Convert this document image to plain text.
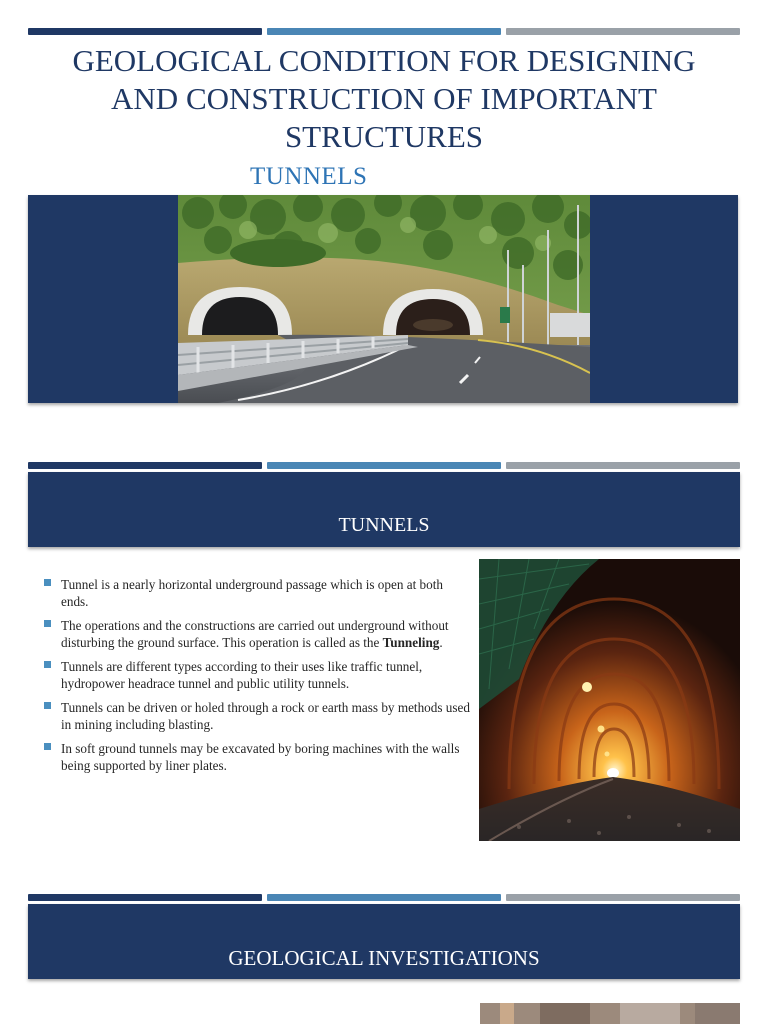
GEOLOGICAL CONDITION FOR DESIGNING AND CONSTRUCTION OF IMPORTANT STRUCTURES
TUNNELS
TUNNELS
Tunnel is a nearly horizontal underground passage which is open at both ends.
The operations and the constructions are carried out underground without disturbing the ground surface. This operation is called as the Tunneling.
Tunnels are different types according to their uses like traffic tunnel, hydropower headrace tunnel and public utility tunnels.
Tunnels can be driven or holed through a rock or earth mass by methods used in mining including blasting.
In soft ground tunnels may be excavated by boring machines with the walls being supported by liner plates.
GEOLOGICAL INVESTIGATIONS
